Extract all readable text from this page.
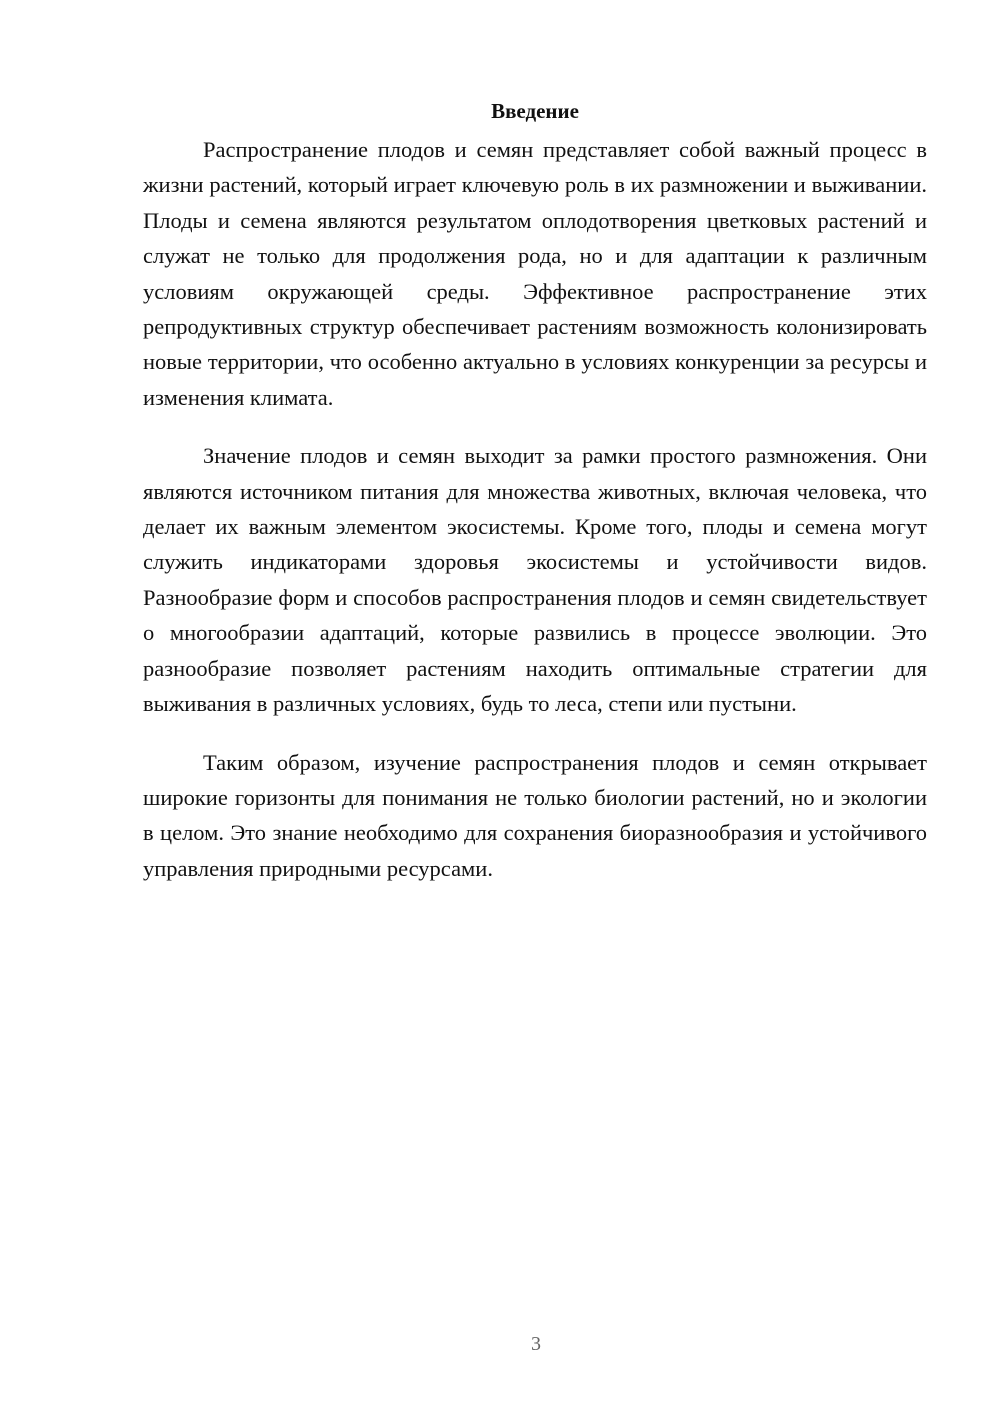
Введение

Распространение плодов и семян представляет собой важный процесс в жизни растений, который играет ключевую роль в их размножении и выживании. Плоды и семена являются результатом оплодотворения цветковых растений и служат не только для продолжения рода, но и для адаптации к различным условиям окружающей среды. Эффективное распространение этих репродуктивных структур обеспечивает растениям возможность колонизировать новые территории, что особенно актуально в условиях конкуренции за ресурсы и изменения климата.

Значение плодов и семян выходит за рамки простого размножения. Они являются источником питания для множества животных, включая человека, что делает их важным элементом экосистемы. Кроме того, плоды и семена могут служить индикаторами здоровья экосистемы и устойчивости видов. Разнообразие форм и способов распространения плодов и семян свидетельствует о многообразии адаптаций, которые развились в процессе эволюции. Это разнообразие позволяет растениям находить оптимальные стратегии для выживания в различных условиях, будь то леса, степи или пустыни.

Таким образом, изучение распространения плодов и семян открывает широкие горизонты для понимания не только биологии растений, но и экологии в целом. Это знание необходимо для сохранения биоразнообразия и устойчивого управления природными ресурсами.

3
